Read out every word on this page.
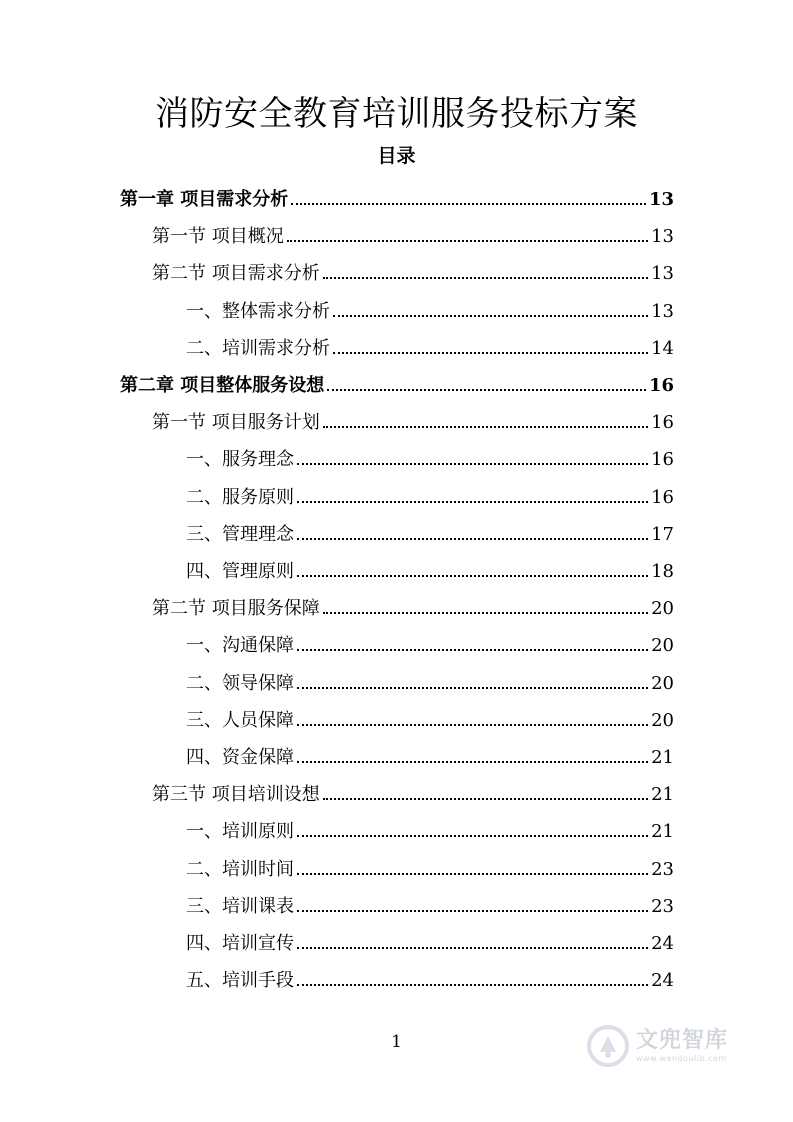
消防安全教育培训服务投标方案
目录
第一章 项目需求分析	13
第一节 项目概况	13
第二节 项目需求分析	13
一、整体需求分析	13
二、培训需求分析	14
第二章 项目整体服务设想	16
第一节 项目服务计划	16
一、服务理念	16
二、服务原则	16
三、管理理念	17
四、管理原则	18
第二节 项目服务保障	20
一、沟通保障	20
二、领导保障	20
三、人员保障	20
四、资金保障	21
第三节 项目培训设想	21
一、培训原则	21
二、培训时间	23
三、培训课表	23
四、培训宣传	24
五、培训手段	24
1	文兜智库
www.wendoulib.com
